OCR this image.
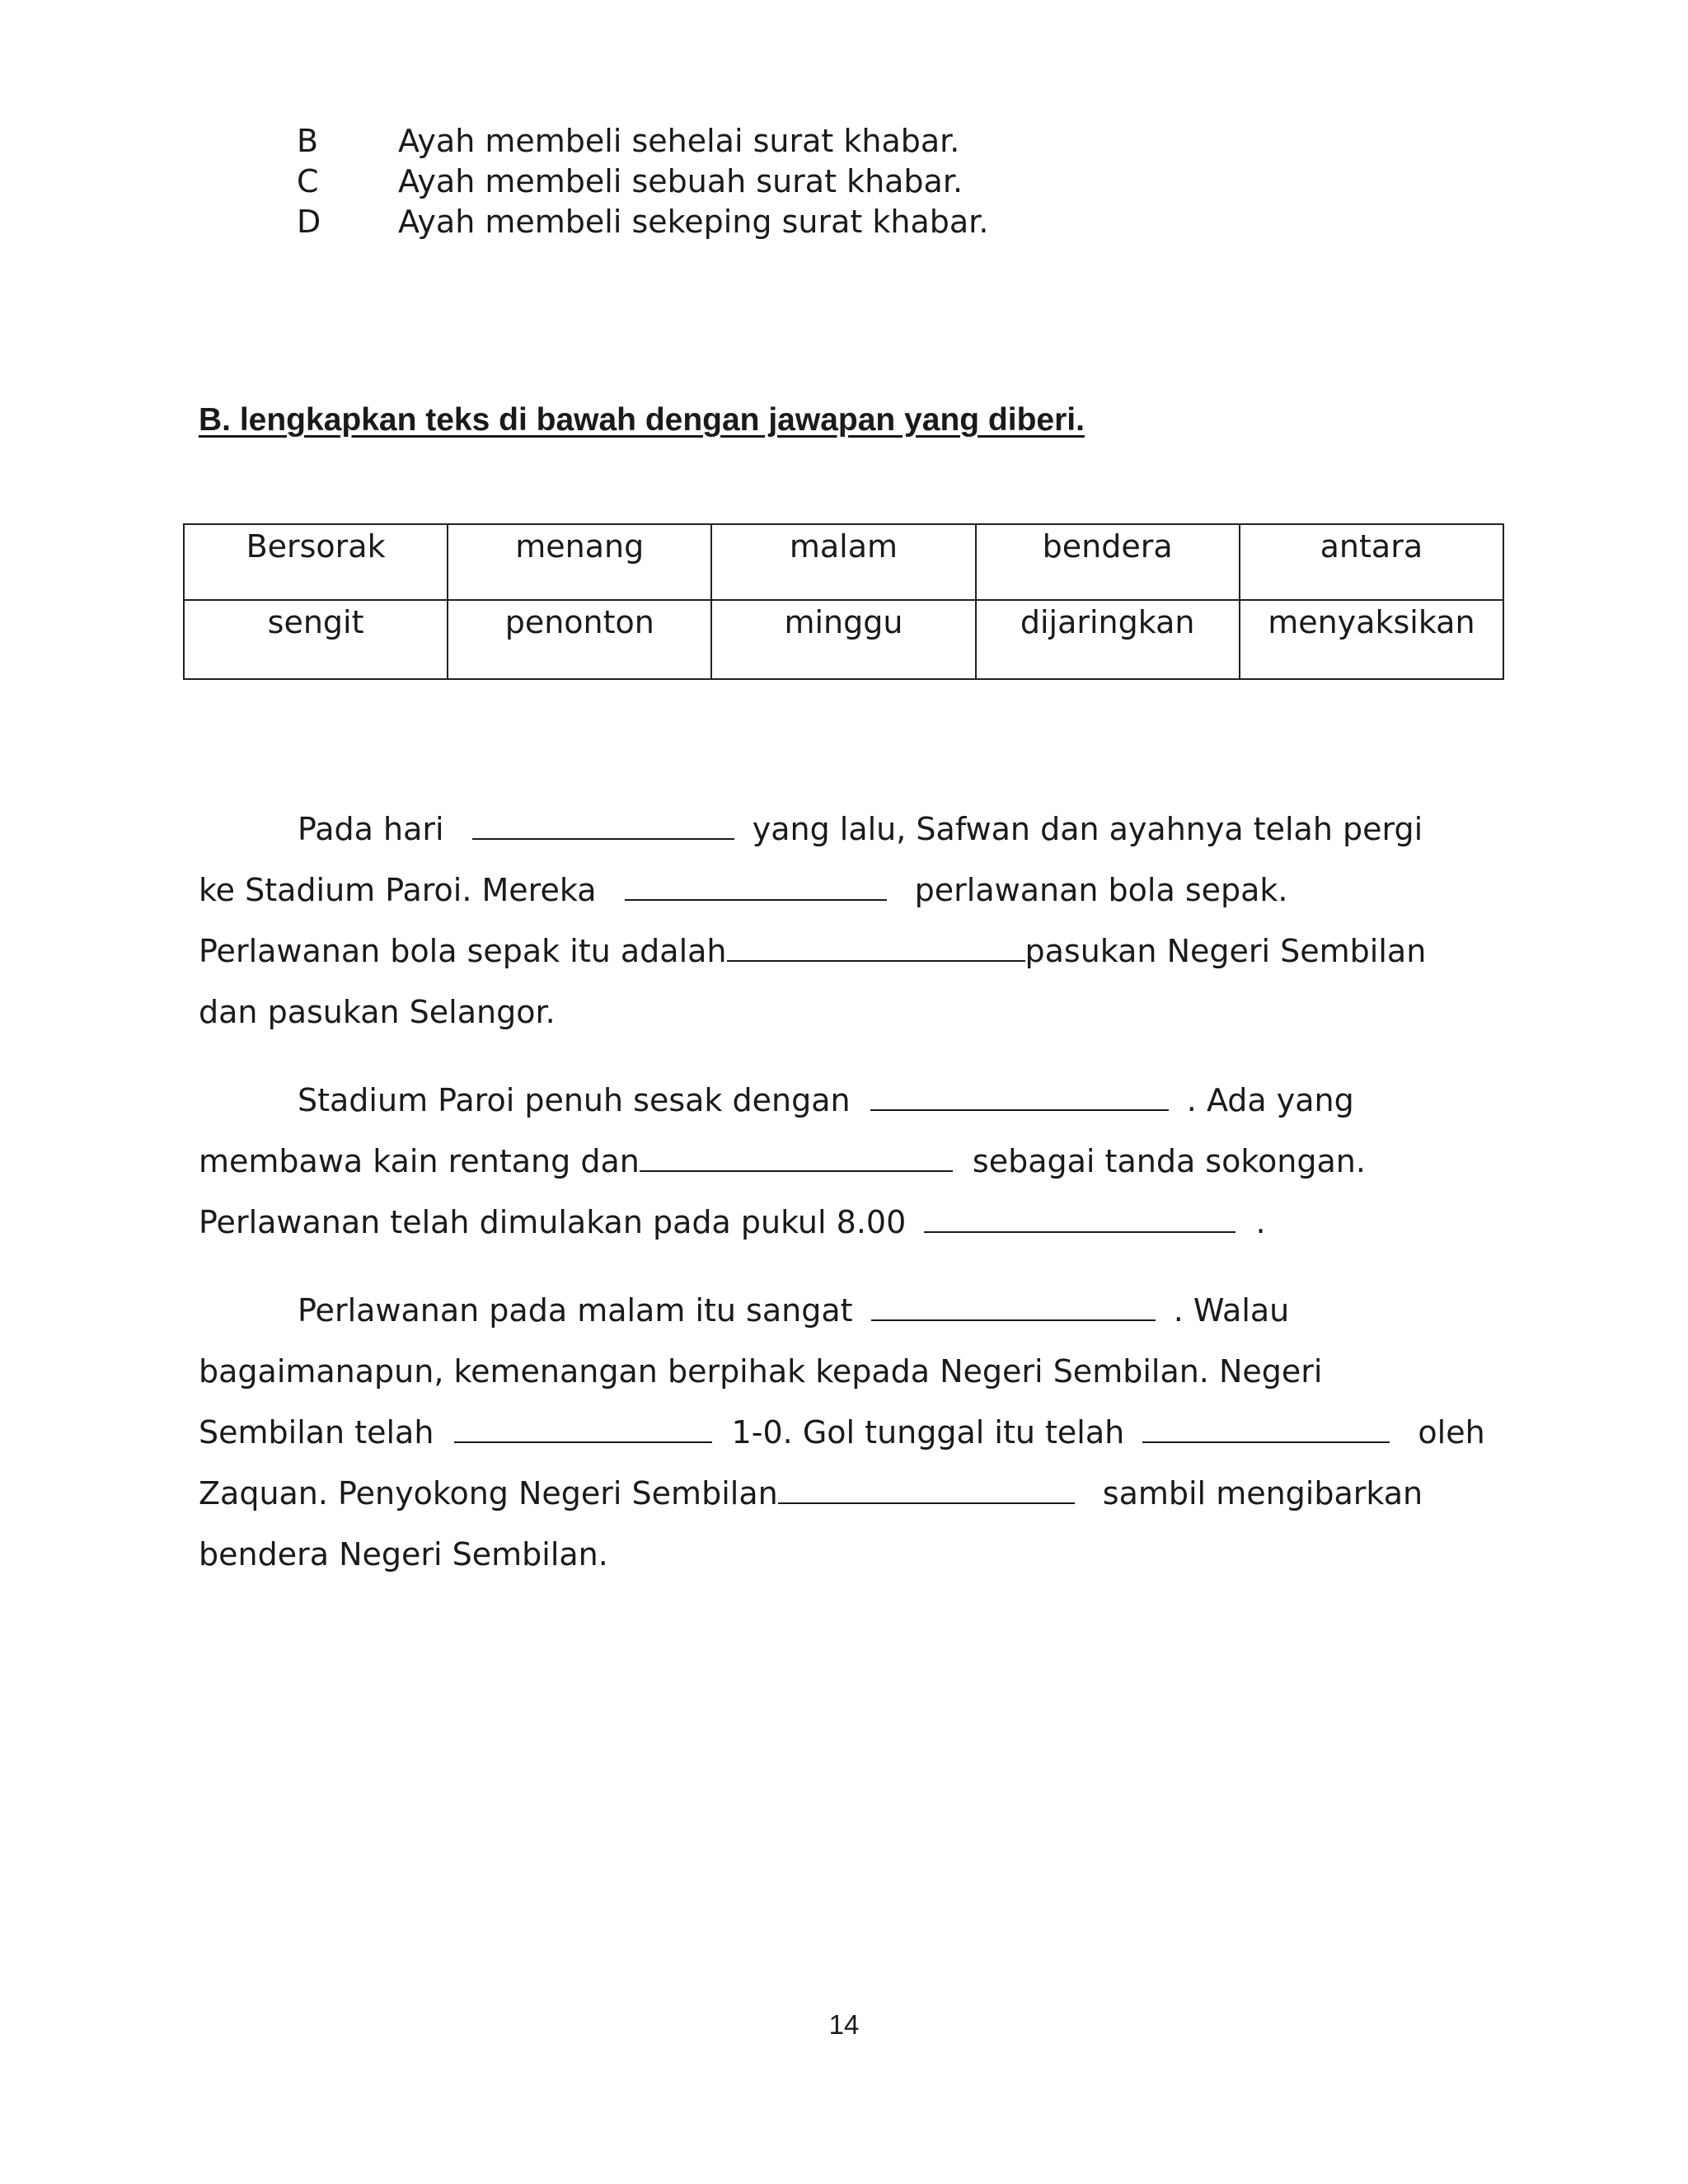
B	Ayah membeli sehelai surat khabar.
C	Ayah membeli sebuah surat khabar.
D	Ayah membeli sekeping surat khabar.

B. lengkapkan teks di bawah dengan jawapan yang diberi.

Bersorak	menang	malam	bendera	antara
sengit	penonton	minggu	dijaringkan	menyaksikan
Pada hari	yang lalu, Safwan dan ayahnya telah pergi
ke Stadium Paroi. Mereka	perlawanan bola sepak.
Perlawanan bola sepak itu adalah	pasukan Negeri Sembilan
dan pasukan Selangor.
Stadium Paroi penuh sesak dengan	. Ada yang
membawa kain rentang dan	sebagai tanda sokongan.
Perlawanan telah dimulakan pada pukul 8.00	.
Perlawanan pada malam itu sangat	. Walau
bagaimanapun, kemenangan berpihak kepada Negeri Sembilan. Negeri
Sembilan telah	1-0. Gol tunggal itu telah	oleh
Zaquan. Penyokong Negeri Sembilan	sambil mengibarkan
bendera Negeri Sembilan.

14
